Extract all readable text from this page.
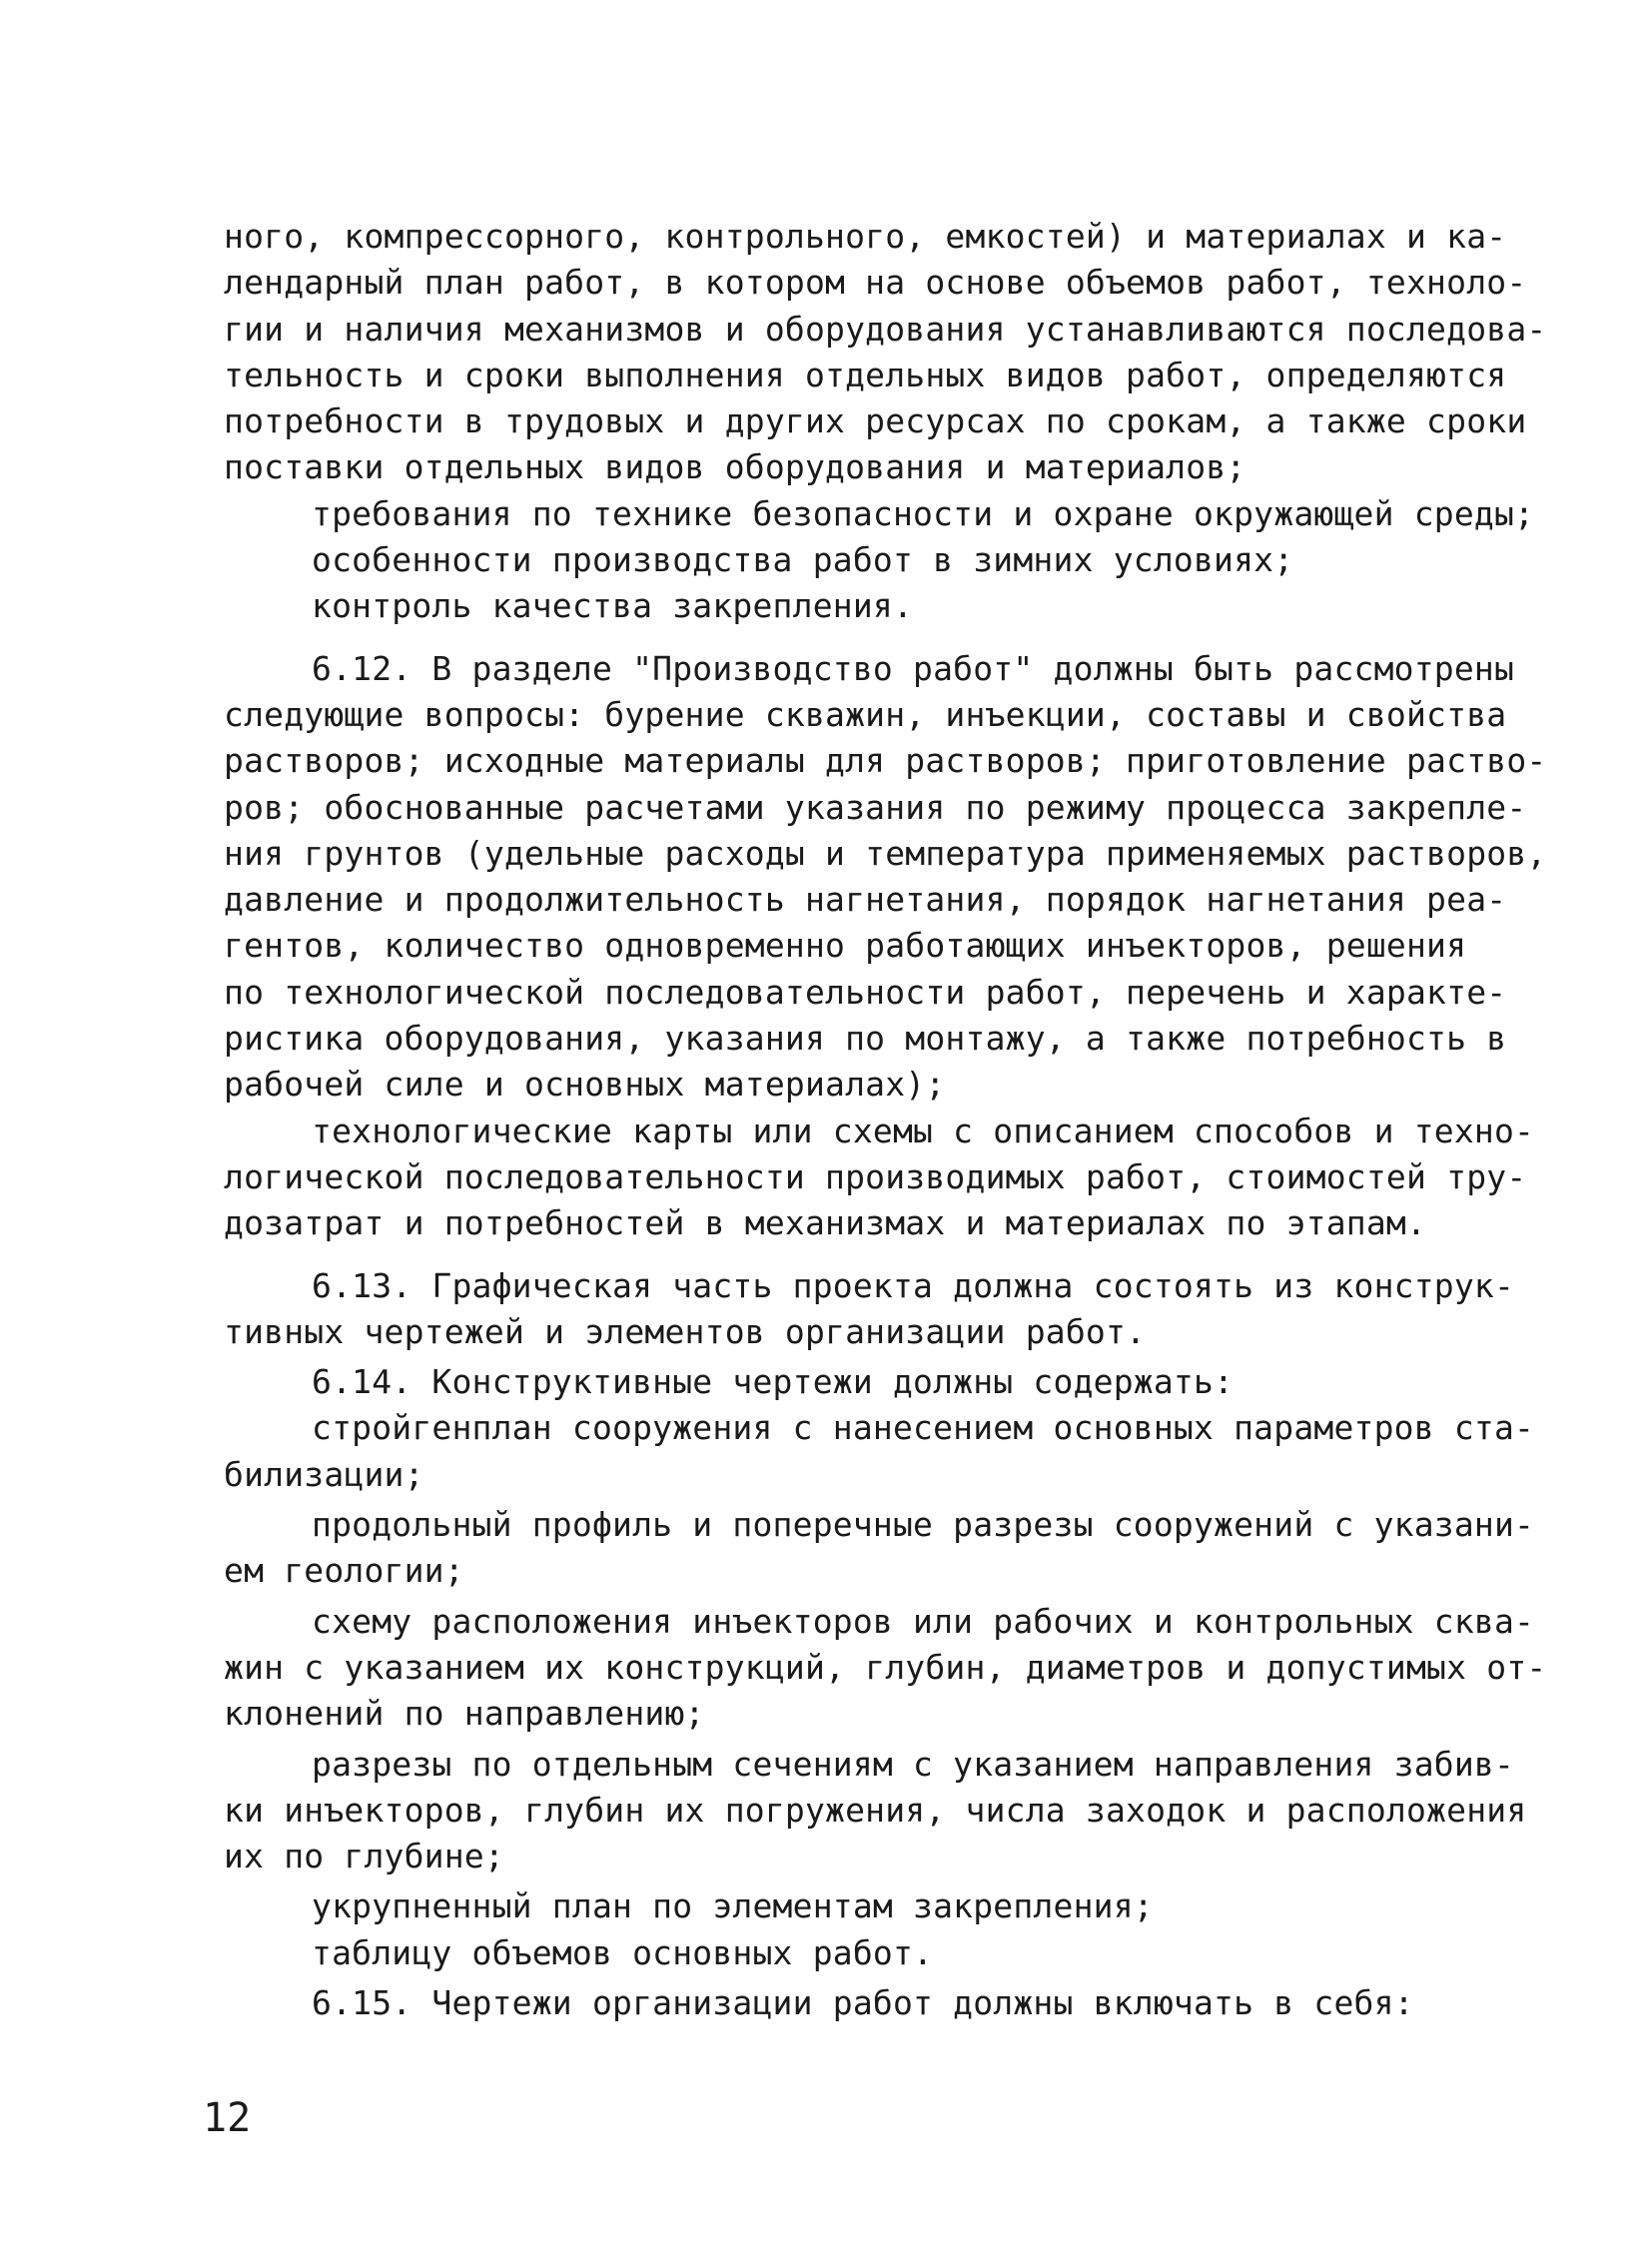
ного, компрессорного, контрольного, емкостей) и материалах и ка-
лендарный план работ, в котором на основе объемов работ, техноло-
гии и наличия механизмов и оборудования устанавливаются последова-
тельность и сроки выполнения отдельных видов работ, определяются
потребности в трудовых и других ресурсах по срокам, а также сроки
поставки отдельных видов оборудования и материалов;
требования по технике безопасности и охране окружающей среды;
особенности производства работ в зимних условиях;
контроль качества закрепления.
6.12. В разделе "Производство работ" должны быть рассмотрены
следующие вопросы: бурение скважин, инъекции, составы и свойства
растворов; исходные материалы для растворов; приготовление раство-
ров; обоснованные расчетами указания по режиму процесса закрепле-
ния грунтов (удельные расходы и температура применяемых растворов,
давление и продолжительность нагнетания, порядок нагнетания реа-
гентов, количество одновременно работающих инъекторов, решения
по технологической последовательности работ, перечень и характе-
ристика оборудования, указания по монтажу, а также потребность в
рабочей силе и основных материалах);
технологические карты или схемы с описанием способов и техно-
логической последовательности производимых работ, стоимостей тру-
дозатрат и потребностей в механизмах и материалах по этапам.
6.13. Графическая часть проекта должна состоять из конструк-
тивных чертежей и элементов организации работ.
6.14. Конструктивные чертежи должны содержать:
стройгенплан сооружения с нанесением основных параметров ста-
билизации;
продольный профиль и поперечные разрезы сооружений с указани-
ем геологии;
схему расположения инъекторов или рабочих и контрольных сква-
жин с указанием их конструкций, глубин, диаметров и допустимых от-
клонений по направлению;
разрезы по отдельным сечениям с указанием направления забив-
ки инъекторов, глубин их погружения, числа заходок и расположения
их по глубине;
укрупненный план по элементам закрепления;
таблицу объемов основных работ.
6.15. Чертежи организации работ должны включать в себя:
12
